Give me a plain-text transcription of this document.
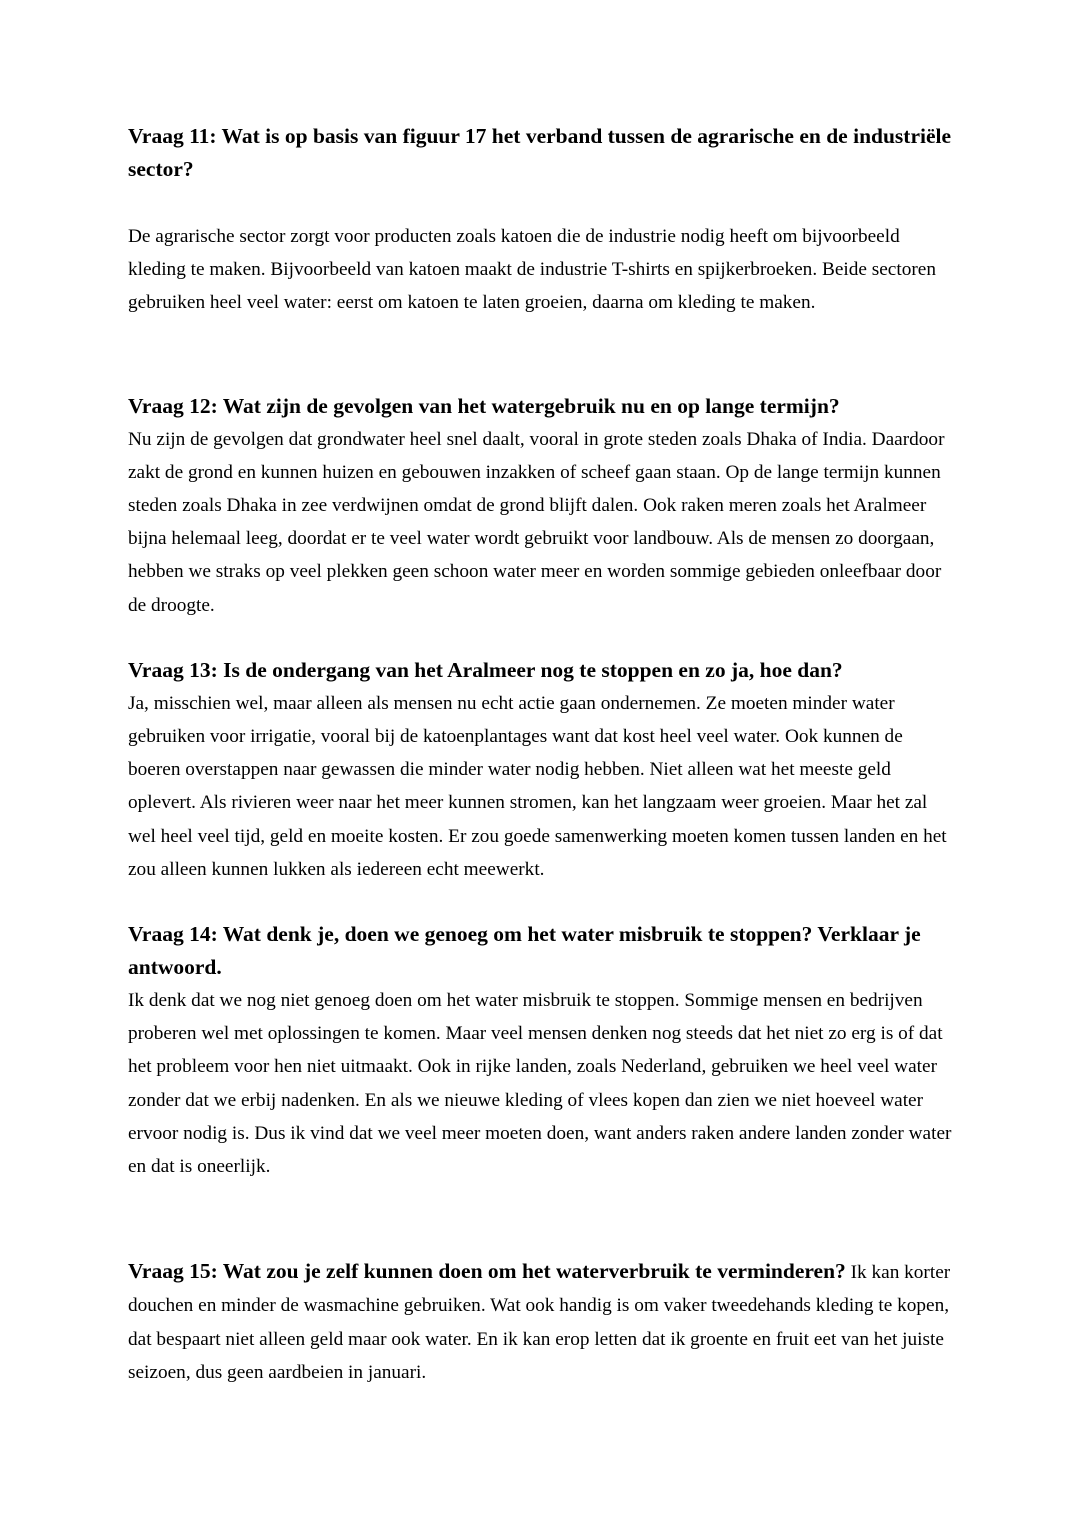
Vraag 11: Wat is op basis van figuur 17 het verband tussen de agrarische en de industriële sector?

De agrarische sector zorgt voor producten zoals katoen die de industrie nodig heeft om bijvoorbeeld kleding te maken. Bijvoorbeeld van katoen maakt de industrie T-shirts en spijkerbroeken. Beide sectoren gebruiken heel veel water: eerst om katoen te laten groeien, daarna om kleding te maken.

Vraag 12: Wat zijn de gevolgen van het watergebruik nu en op lange termijn?

Nu zijn de gevolgen dat grondwater heel snel daalt, vooral in grote steden zoals Dhaka of India. Daardoor zakt de grond en kunnen huizen en gebouwen inzakken of scheef gaan staan. Op de lange termijn kunnen steden zoals Dhaka in zee verdwijnen omdat de grond blijft dalen. Ook raken meren zoals het Aralmeer bijna helemaal leeg, doordat er te veel water wordt gebruikt voor landbouw. Als de mensen zo doorgaan, hebben we straks op veel plekken geen schoon water meer en worden sommige gebieden onleefbaar door de droogte.

Vraag 13: Is de ondergang van het Aralmeer nog te stoppen en zo ja, hoe dan?

Ja, misschien wel, maar alleen als mensen nu echt actie gaan ondernemen. Ze moeten minder water gebruiken voor irrigatie, vooral bij de katoenplantages want dat kost heel veel water. Ook kunnen de boeren overstappen naar gewassen die minder water nodig hebben. Niet alleen wat het meeste geld oplevert. Als rivieren weer naar het meer kunnen stromen, kan het langzaam weer groeien. Maar het zal wel heel veel tijd, geld en moeite kosten. Er zou goede samenwerking moeten komen tussen landen en het zou alleen kunnen lukken als iedereen echt meewerkt.

Vraag 14: Wat denk je, doen we genoeg om het water misbruik te stoppen? Verklaar je antwoord.

Ik denk dat we nog niet genoeg doen om het water misbruik te stoppen. Sommige mensen en bedrijven proberen wel met oplossingen te komen. Maar veel mensen denken nog steeds dat het niet zo erg is of dat het probleem voor hen niet uitmaakt. Ook in rijke landen, zoals Nederland, gebruiken we heel veel water zonder dat we erbij nadenken. En als we nieuwe kleding of vlees kopen dan zien we niet hoeveel water ervoor nodig is. Dus ik vind dat we veel meer moeten doen, want anders raken andere landen zonder water en dat is oneerlijk.

Vraag 15: Wat zou je zelf kunnen doen om het waterverbruik te verminderen? Ik kan korter douchen en minder de wasmachine gebruiken. Wat ook handig is om vaker tweedehands kleding te kopen, dat bespaart niet alleen geld maar ook water. En ik kan erop letten dat ik groente en fruit eet van het juiste seizoen, dus geen aardbeien in januari.
